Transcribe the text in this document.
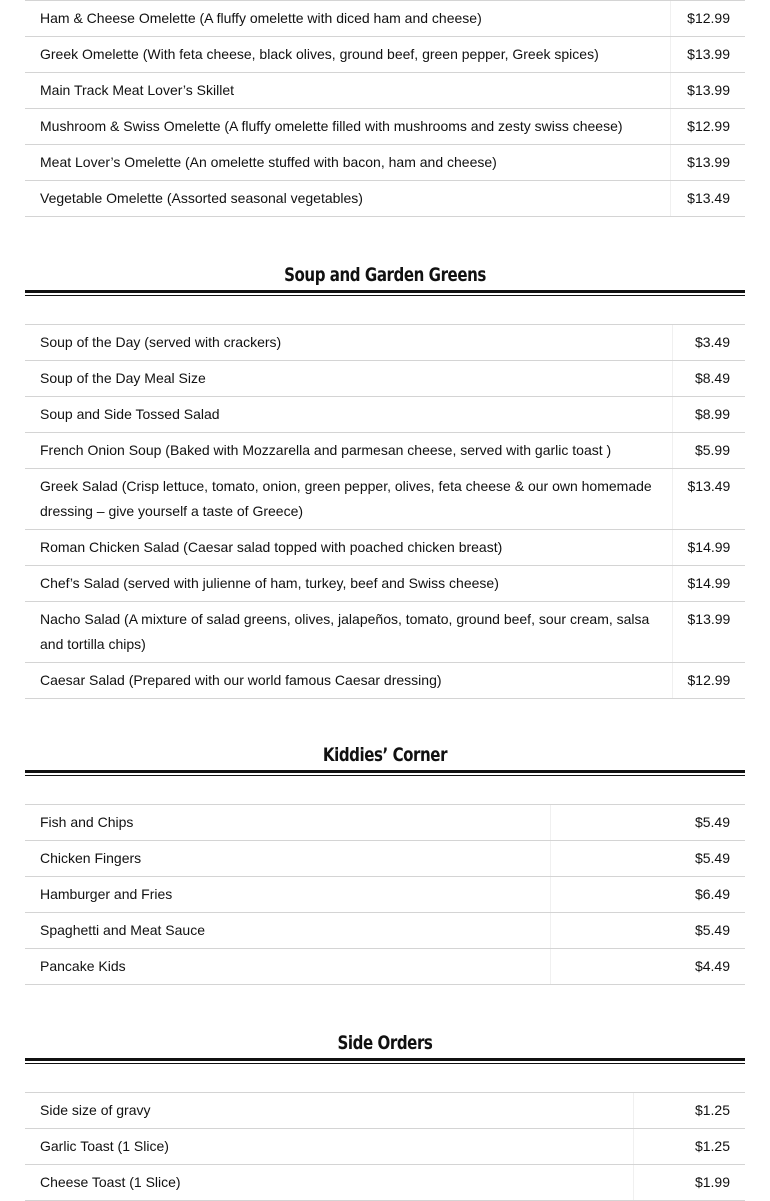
Ham & Cheese Omelette (A fluffy omelette with diced ham and cheese)	$12.99
Greek Omelette (With feta cheese, black olives, ground beef, green pepper, Greek spices)	$13.99
Main Track Meat Lover’s Skillet	$13.99
Mushroom & Swiss Omelette (A fluffy omelette filled with mushrooms and zesty swiss cheese)	$12.99
Meat Lover’s Omelette (An omelette stuffed with bacon, ham and cheese)	$13.99
Vegetable Omelette (Assorted seasonal vegetables)	$13.49
Soup and Garden Greens
Soup of the Day (served with crackers)	$3.49
Soup of the Day Meal Size	$8.49
Soup and Side Tossed Salad	$8.99
French Onion Soup (Baked with Mozzarella and parmesan cheese, served with garlic toast )	$5.99
Greek Salad (Crisp lettuce, tomato, onion, green pepper, olives, feta cheese & our own homemade dressing – give yourself a taste of Greece)	$13.49
Roman Chicken Salad (Caesar salad topped with poached chicken breast)	$14.99
Chef’s Salad (served with julienne of ham, turkey, beef and Swiss cheese)	$14.99
Nacho Salad (A mixture of salad greens, olives, jalapeños, tomato, ground beef, sour cream, salsa and tortilla chips)	$13.99
Caesar Salad (Prepared with our world famous Caesar dressing)	$12.99
Kiddies’ Corner
Fish and Chips	$5.49
Chicken Fingers	$5.49
Hamburger and Fries	$6.49
Spaghetti and Meat Sauce	$5.49
Pancake Kids	$4.49
Side Orders
Side size of gravy	$1.25
Garlic Toast (1 Slice)	$1.25
Cheese Toast (1 Slice)	$1.99
